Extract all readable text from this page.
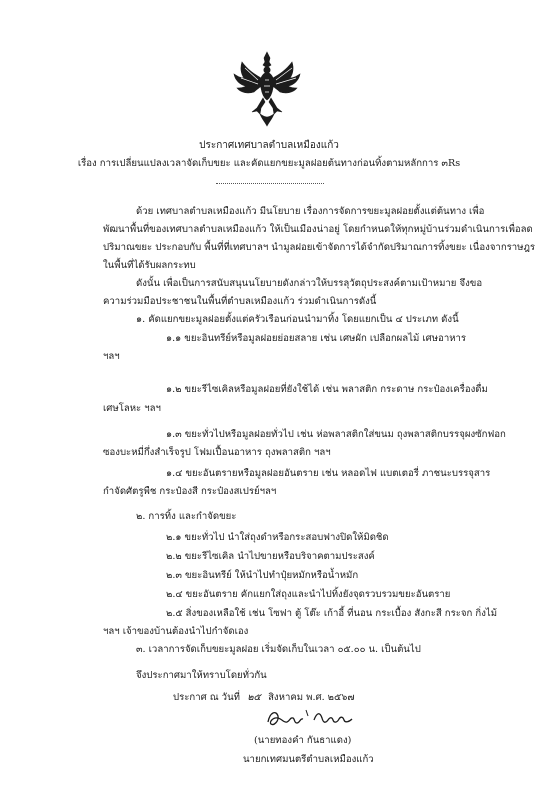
ประกาศเทศบาลตำบลเหมืองแก้ว
เรื่อง การเปลี่ยนแปลงเวลาจัดเก็บขยะ และคัดแยกขยะมูลฝอยต้นทางก่อนทิ้งตามหลักการ ๓Rs
ด้วย เทศบาลตำบลเหมืองแก้ว มีนโยบาย เรื่องการจัดการขยะมูลฝอยตั้งแต่ต้นทาง เพื่อ
พัฒนาพื้นที่ของเทศบาลตำบลเหมืองแก้ว ให้เป็นเมืองน่าอยู่ โดยกำหนดให้ทุกหมู่บ้านร่วมดำเนินการเพื่อลด
ปริมาณขยะ ประกอบกับ พื้นที่ที่เทศบาลฯ นำมูลฝอยเข้าจัดการได้จำกัดปริมาณการทิ้งขยะ เนื่องจากราษฎร
ในพื้นที่ได้รับผลกระทบ
ดังนั้น เพื่อเป็นการสนับสนุนนโยบายดังกล่าวให้บรรลุวัตถุประสงค์ตามเป้าหมาย จึงขอ
ความร่วมมือประชาชนในพื้นที่ตำบลเหมืองแก้ว ร่วมดำเนินการดังนี้
๑. คัดแยกขยะมูลฝอยตั้งแต่ครัวเรือนก่อนนำมาทิ้ง โดยแยกเป็น ๔ ประเภท ดังนี้
๑.๑ ขยะอินทรีย์หรือมูลฝอยย่อยสลาย เช่น เศษผัก เปลือกผลไม้ เศษอาหาร
ฯลฯ
๑.๒ ขยะรีไซเคิลหรือมูลฝอยที่ยังใช้ได้ เช่น พลาสติก กระดาษ กระป๋องเครื่องดื่ม
เศษโลหะ ฯลฯ
๑.๓ ขยะทั่วไปหรือมูลฝอยทั่วไป เช่น ห่อพลาสติกใส่ขนม ถุงพลาสติกบรรจุผงซักฟอก
ซองบะหมี่กึ่งสำเร็จรูป โฟมเปื้อนอาหาร ถุงพลาสติก ฯลฯ
๑.๔ ขยะอันตรายหรือมูลฝอยอันตราย เช่น หลอดไฟ แบตเตอรี่ ภาชนะบรรจุสาร
กำจัดศัตรูพืช กระป๋องสี กระป๋องสเปรย์ฯลฯ
๒. การทิ้ง และกำจัดขยะ
๒.๑ ขยะทั่วไป นำใส่ถุงดำหรือกระสอบฟางปิดให้มิดชิด
๒.๒ ขยะรีไซเคิล นำไปขายหรือบริจาคตามประสงค์
๒.๓ ขยะอินทรีย์ ให้นำไปทำปุ๋ยหมักหรือน้ำหมัก
๒.๔ ขยะอันตราย คักแยกใส่ถุงและนำไปทิ้งยังจุดรวบรวมขยะอันตราย
๒.๕ สิ่งของเหลือใช้ เช่น โซฟา ตู้ โต๊ะ เก้าอี้ ที่นอน กระเบื้อง สังกะสี กระจก กิ่งไม้
ฯลฯ เจ้าของบ้านต้องนำไปกำจัดเอง
๓. เวลาการจัดเก็บขยะมูลฝอย เริ่มจัดเก็บในเวลา ๐๕.๐๐ น. เป็นต้นไป
จึงประกาศมาให้ทราบโดยทั่วกัน
ประกาศ ณ วันที่ ๒๕ สิงหาคม พ.ศ. ๒๕๖๗
(นายทองคำ กันธาแดง)
นายกเทศมนตรีตำบลเหมืองแก้ว
